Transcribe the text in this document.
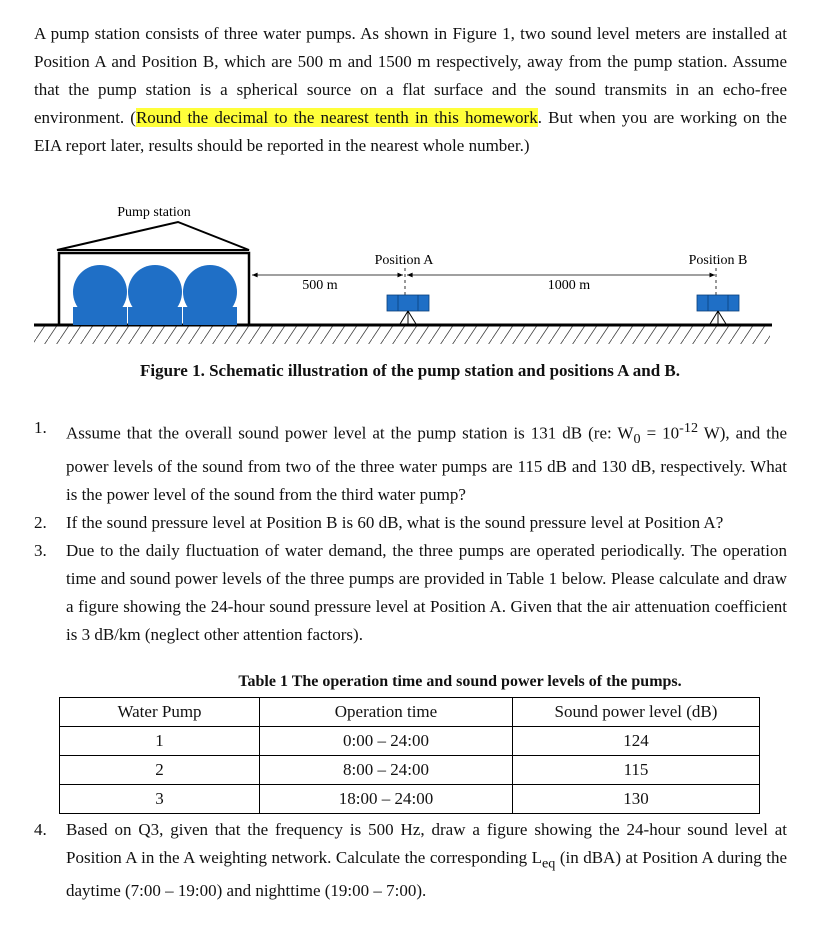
A pump station consists of three water pumps. As shown in Figure 1, two sound level meters are installed at Position A and Position B, which are 500 m and 1500 m respectively, away from the pump station. Assume that the pump station is a spherical source on a flat surface and the sound transmits in an echo-free environment. (Round the decimal to the nearest tenth in this homework. But when you are working on the EIA report later, results should be reported in the nearest whole number.)
Pump station
500 m	1000 m
Position A	Position B
Figure 1. Schematic illustration of the pump station and positions A and B.
1. Assume that the overall sound power level at the pump station is 131 dB (re: $W_0 = 10^{-12}$ W), and the power levels of the sound from two of the three water pumps are 115 dB and 130 dB, respectively. What is the power level of the sound from the third water pump?
2. If the sound pressure level at Position B is 60 dB, what is the sound pressure level at Position A?
3. Due to the daily fluctuation of water demand, the three pumps are operated periodically. The operation time and sound power levels of the three pumps are provided in Table 1 below. Please calculate and draw a figure showing the 24-hour sound pressure level at Position A. Given that the air attenuation coefficient is 3 dB/km (neglect other attention factors).
Table 1 The operation time and sound power levels of the pumps.
Water Pump	Operation time	Sound power level (dB)
1	0:00 – 24:00	124
2	8:00 – 24:00	115
3	18:00 – 24:00	130
4. Based on Q3, given that the frequency is 500 Hz, draw a figure showing the 24-hour sound level at Position A in the A weighting network. Calculate the corresponding $L_{eq}$ (in dBA) at Position A during the daytime (7:00 – 19:00) and nighttime (19:00 – 7:00).
